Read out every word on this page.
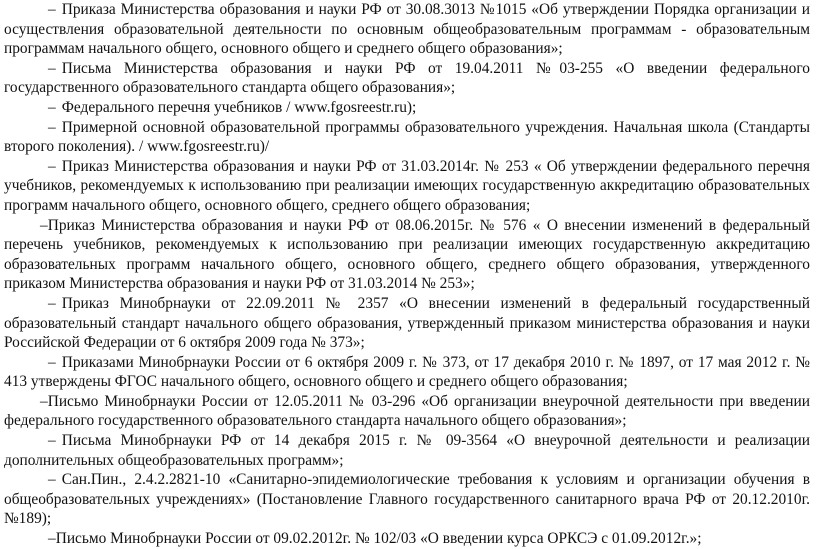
– Приказа Министерства образования и науки РФ от 30.08.3013 №1015 «Об утверждении Порядка организации и осуществления образовательной деятельности по основным общеобразовательным программам - образовательным программам начального общего, основного общего и среднего общего образования»;

– Письма Министерства образования и науки РФ от 19.04.2011 №03-255 «О введении федерального государственного образовательного стандарта общего образования»;

– Федерального перечня учебников / www.fgosreestr.ru);

– Примерной основной образовательной программы образовательного учреждения. Начальная школа (Стандарты второго поколения). / www.fgosreestr.ru)/

– Приказ Министерства образования и науки РФ от 31.03.2014г. № 253 « Об утверждении федерального перечня учебников, рекомендуемых к использованию при реализации имеющих государственную аккредитацию образовательных программ начального общего, основного общего, среднего общего образования;

–Приказ Министерства образования и науки РФ от 08.06.2015г. № 576 « О внесении изменений в федеральный перечень учебников, рекомендуемых к использованию при реализации имеющих государственную аккредитацию образовательных программ начального общего, основного общего, среднего общего образования, утвержденного приказом Министерства образования и науки РФ от 31.03.2014 № 253»;

– Приказ Минобрнауки от 22.09.2011 № 2357 «О внесении изменений в федеральный государственный образовательный стандарт начального общего образования, утвержденный приказом министерства образования и науки Российской Федерации от 6 октября 2009 года № 373»;

– Приказами Минобрнауки России от 6 октября 2009 г. № 373, от 17 декабря 2010 г. № 1897, от 17 мая 2012 г. № 413 утверждены ФГОС начального общего, основного общего и среднего общего образования;

–Письмо Минобрнауки России от 12.05.2011 № 03-296 «Об организации внеурочной деятельности при введении федерального государственного образовательного стандарта начального общего образования»;

– Письма Минобрнауки РФ от 14 декабря 2015 г. № 09-3564 «О внеурочной деятельности и реализации дополнительных общеобразовательных программ»;

– Сан.Пин., 2.4.2.2821-10 «Санитарно-эпидемиологические требования к условиям и организации обучения в общеобразовательных учреждениях» (Постановление Главного государственного санитарного врача РФ от 20.12.2010г. №189);

–Письмо Минобрнауки России от 09.02.2012г. № 102/03 «О введении курса ОРКСЭ с 01.09.2012г.»;
